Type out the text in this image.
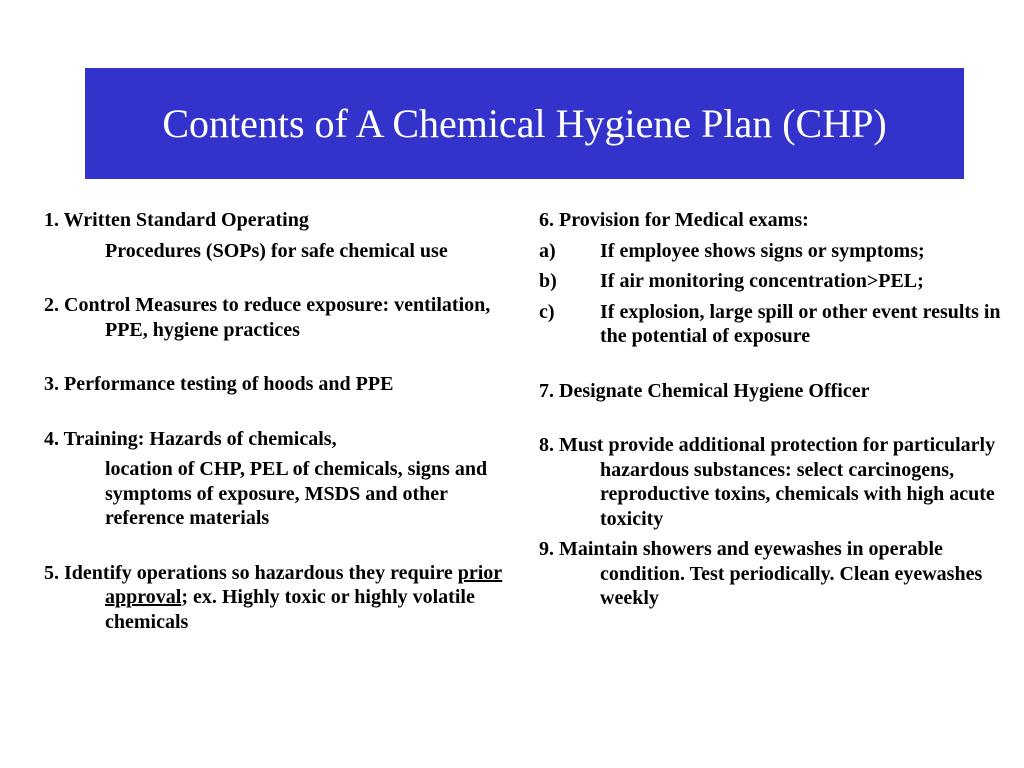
Contents of A Chemical Hygiene Plan (CHP)

1. Written Standard Operating

Procedures (SOPs) for safe chemical use

2. Control Measures to reduce exposure: ventilation, PPE, hygiene practices

3. Performance testing of hoods and PPE

4. Training: Hazards of chemicals,

location of CHP, PEL of chemicals, signs and symptoms of exposure, MSDS and other reference materials

5. Identify operations so hazardous they require prior approval; ex. Highly toxic or highly volatile chemicals

6. Provision for Medical exams:

a) If employee shows signs or symptoms;

b) If air monitoring concentration>PEL;

c) If explosion, large spill or other event results in the potential of exposure

7. Designate Chemical Hygiene Officer

8. Must provide additional protection for particularly hazardous substances: select carcinogens, reproductive toxins, chemicals with high acute toxicity

9. Maintain showers and eyewashes in operable condition. Test periodically. Clean eyewashes weekly
